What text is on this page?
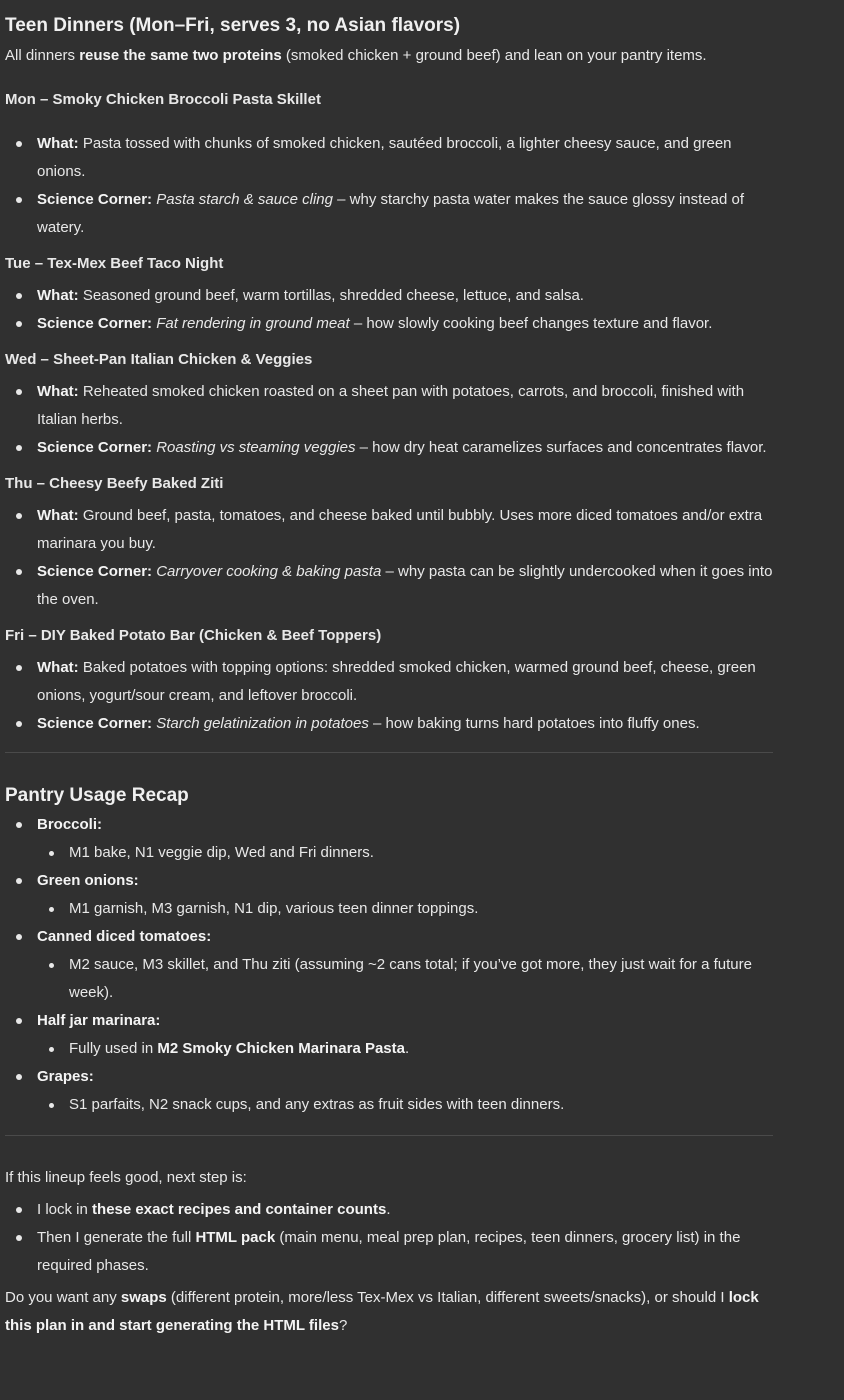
Teen Dinners (Mon–Fri, serves 3, no Asian flavors)

All dinners reuse the same two proteins (smoked chicken + ground beef) and lean on your pantry items.

Mon – Smoky Chicken Broccoli Pasta Skillet

What: Pasta tossed with chunks of smoked chicken, sautéed broccoli, a lighter cheesy sauce, and green onions.
Science Corner: Pasta starch & sauce cling – why starchy pasta water makes the sauce glossy instead of watery.

Tue – Tex-Mex Beef Taco Night

What: Seasoned ground beef, warm tortillas, shredded cheese, lettuce, and salsa.
Science Corner: Fat rendering in ground meat – how slowly cooking beef changes texture and flavor.

Wed – Sheet-Pan Italian Chicken & Veggies

What: Reheated smoked chicken roasted on a sheet pan with potatoes, carrots, and broccoli, finished with Italian herbs.
Science Corner: Roasting vs steaming veggies – how dry heat caramelizes surfaces and concentrates flavor.

Thu – Cheesy Beefy Baked Ziti

What: Ground beef, pasta, tomatoes, and cheese baked until bubbly. Uses more diced tomatoes and/or extra marinara you buy.
Science Corner: Carryover cooking & baking pasta – why pasta can be slightly undercooked when it goes into the oven.

Fri – DIY Baked Potato Bar (Chicken & Beef Toppers)

What: Baked potatoes with topping options: shredded smoked chicken, warmed ground beef, cheese, green onions, yogurt/sour cream, and leftover broccoli.
Science Corner: Starch gelatinization in potatoes – how baking turns hard potatoes into fluffy ones.
Pantry Usage Recap
Broccoli:
M1 bake, N1 veggie dip, Wed and Fri dinners.
Green onions:
M1 garnish, M3 garnish, N1 dip, various teen dinner toppings.
Canned diced tomatoes:
M2 sauce, M3 skillet, and Thu ziti (assuming ~2 cans total; if you’ve got more, they just wait for a future week).
Half jar marinara:
Fully used in M2 Smoky Chicken Marinara Pasta.
Grapes:
S1 parfaits, N2 snack cups, and any extras as fruit sides with teen dinners.

If this lineup feels good, next step is:

I lock in these exact recipes and container counts.
Then I generate the full HTML pack (main menu, meal prep plan, recipes, teen dinners, grocery list) in the required phases.

Do you want any swaps (different protein, more/less Tex-Mex vs Italian, different sweets/snacks), or should I lock this plan in and start generating the HTML files?
